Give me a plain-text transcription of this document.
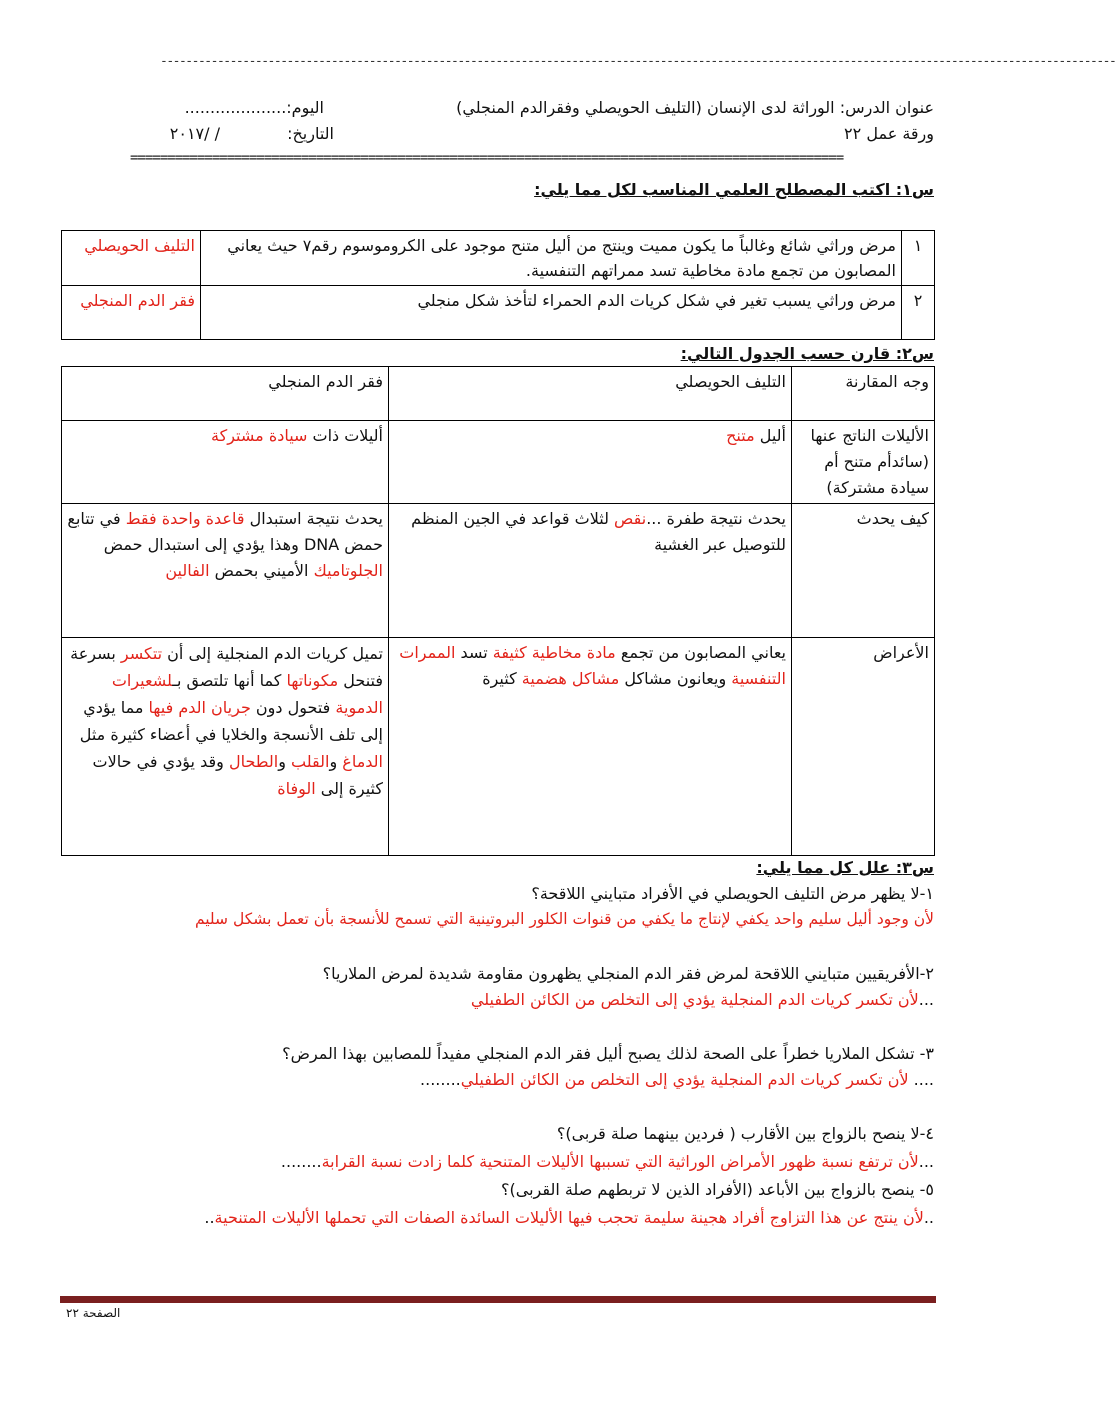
-------------------------------------------------------------------------------------------------------------------------------------------------------
عنوان الدرس: الوراثة لدى الإنسان (التليف الحويصلي وفقرالدم المنجلي)
اليوم:....................
ورقة عمل ٢٢
التاريخ:
/ /٢٠١٧
================================================================================================
س١: اكتب المصطلح العلمي المناسب لكل مما يلي:
١	مرض وراثي شائع وغالباً ما يكون مميت وينتج من أليل متنح موجود على الكروموسوم رقم٧ حيث يعاني المصابون من تجمع مادة مخاطية تسد ممراتهم التنفسية.	التليف الحويصلي
٢	مرض وراثي يسبب تغير في شكل كريات الدم الحمراء لتأخذ شكل منجلي	فقر الدم المنجلي
س٢: قارن حسب الجدول التالي:
وجه المقارنة	التليف الحويصلي	فقر الدم المنجلي
الأليلات الناتج عنها (سائدأم متنح أم سيادة مشتركة)	أليل متنح	أليلات ذات سيادة مشتركة
كيف يحدث	يحدث نتيجة طفرة ...نقص لثلاث قواعد في الجين المنظم للتوصيل عبر الغشية	يحدث نتيجة استبدال قاعدة واحدة فقط في تتابع حمض DNA وهذا يؤدي إلى استبدال حمض الجلوتاميك الأميني بحمض الفالين
الأعراض	يعاني المصابون من تجمع مادة مخاطية كثيفة تسد الممرات التنفسية ويعانون مشاكل مشاكل هضمية كثيرة	تميل كريات الدم المنجلية إلى أن تتكسر بسرعة فتنحل مكوناتها كما أنها تلتصق بـلشعيرات الدموية فتحول دون جريان الدم فيها مما يؤدي إلى تلف الأنسجة والخلايا في أعضاء كثيرة مثل الدماغ والقلب والطحال وقد يؤدي في حالات كثيرة إلى الوفاة
س٣: علل كل مما يلي:
١-لا يظهر مرض التليف الحويصلي في الأفراد متبايني اللاقحة؟
لأن وجود أليل سليم واحد يكفي لإنتاج ما يكفي من قنوات الكلور البروتينية التي تسمح للأنسجة بأن تعمل بشكل سليم
٢-الأفريقيين متبايني اللاقحة لمرض فقر الدم المنجلي يظهرون مقاومة شديدة لمرض الملاريا؟
...لأن تكسر كريات الدم المنجلية يؤدي إلى التخلص من الكائن الطفيلي
٣- تشكل الملاريا خطراً على الصحة لذلك يصبح أليل فقر الدم المنجلي مفيداً للمصابين بهذا المرض؟
.... لأن تكسر كريات الدم المنجلية يؤدي إلى التخلص من الكائن الطفيلي........
٤-لا ينصح بالزواج بين الأقارب ( فردين بينهما صلة قربى)؟
...لأن ترتفع نسبة ظهور الأمراض الوراثية التي تسببها الأليلات المتنحية كلما زادت نسبة القرابة........
٥- ينصح بالزواج بين الأباعد (الأفراد الذين لا تربطهم صلة القربى)؟
..لأن ينتج عن هذا التزاوج أفراد هجينة سليمة تحجب فيها الأليلات السائدة الصفات التي تحملها الأليلات المتنحية..
الصفحة ٢٢
